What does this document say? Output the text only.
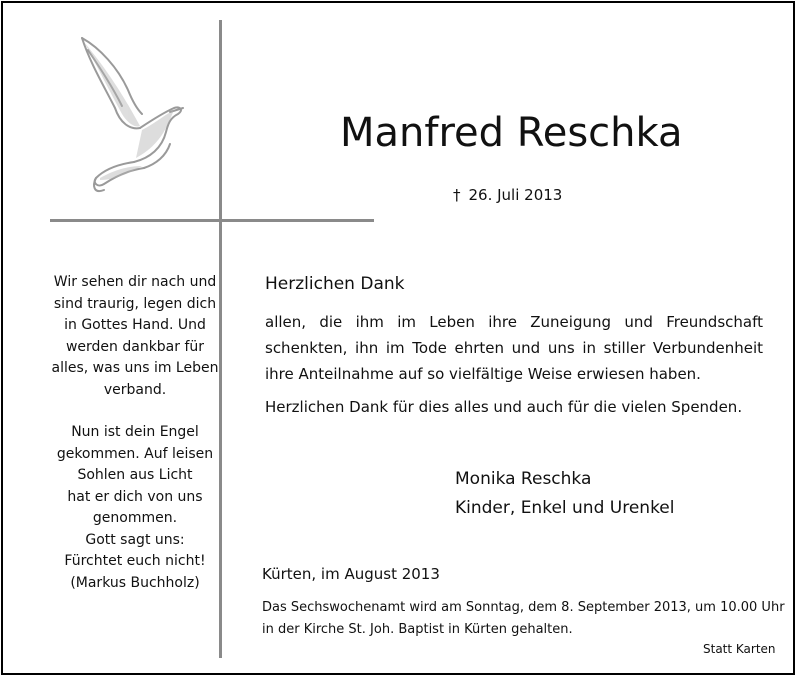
Manfred Reschka
† 26. Juli 2013

Wir sehen dir nach und
sind traurig, legen dich
in Gottes Hand. Und
werden dankbar für
alles, was uns im Leben
verband.

Nun ist dein Engel
gekommen. Auf leisen
Sohlen aus Licht
hat er dich von uns
genommen.
Gott sagt uns:
Fürchtet euch nicht!
(Markus Buchholz)

Herzlichen Dank

allen, die ihm im Leben ihre Zuneigung und Freundschaft schenkten, ihn im Tode ehrten und uns in stiller Verbundenheit ihre Anteilnahme auf so vielfältige Weise erwiesen haben.

Herzlichen Dank für dies alles und auch für die vielen Spenden.
Monika Reschka
Kinder, Enkel und Urenkel
Kürten, im August 2013
Das Sechswochenamt wird am Sonntag, dem 8. September 2013, um 10.00 Uhr
in der Kirche St. Joh. Baptist in Kürten gehalten.
Statt Karten
